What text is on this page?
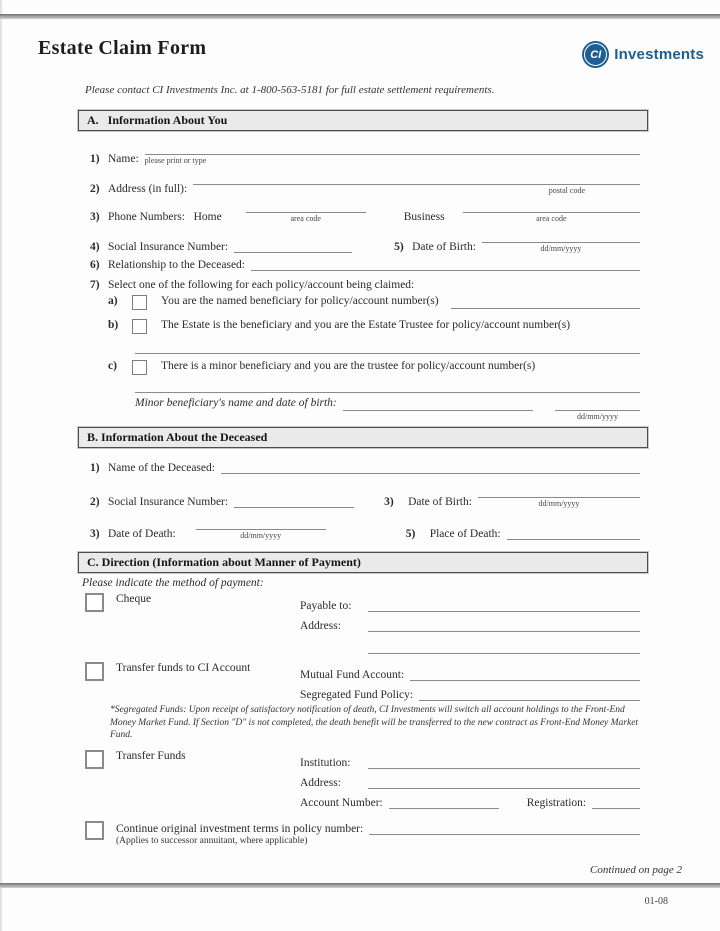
Estate Claim Form	CI Investments
Please contact CI Investments Inc. at 1-800-563-5181 for full estate settlement requirements.
A.   Information About You
1) Name: please print or type
2) Address (in full):	postal code
3) Phone Numbers:   Home	area code	Business	area code
4) Social Insurance Number:	5) Date of Birth:	dd/mm/yyyy
6) Relationship to the Deceased:
7) Select one of the following for each policy/account being claimed:
a)	You are the named beneficiary for policy/account number(s)
b)	The Estate is the beneficiary and you are the Estate Trustee for policy/account number(s)
c)	There is a minor beneficiary and you are the trustee for policy/account number(s)
Minor beneficiary's name and date of birth:
dd/mm/yyyy
B. Information About the Deceased
1) Name of the Deceased:
2) Social Insurance Number:	3)	Date of Birth:	dd/mm/yyyy
3) Date of Death:	dd/mm/yyyy	5)	Place of Death:
C. Direction (Information about Manner of Payment)
Please indicate the method of payment:
Cheque
Payable to:
Address:
Transfer funds to CI Account
Mutual Fund Account:
Segregated Fund Policy:
*Segregated Funds: Upon receipt of satisfactory notification of death, CI Investments will switch all account holdings to the Front-End Money Market Fund. If Section "D" is not completed, the death benefit will be transferred to the new contract as Front-End Money Market Fund.
Transfer Funds
Institution:
Address:
Account Number:	Registration:
Continue original investment terms in policy number:
(Applies to successor annuitant, where applicable)
Continued on page 2
01-08
